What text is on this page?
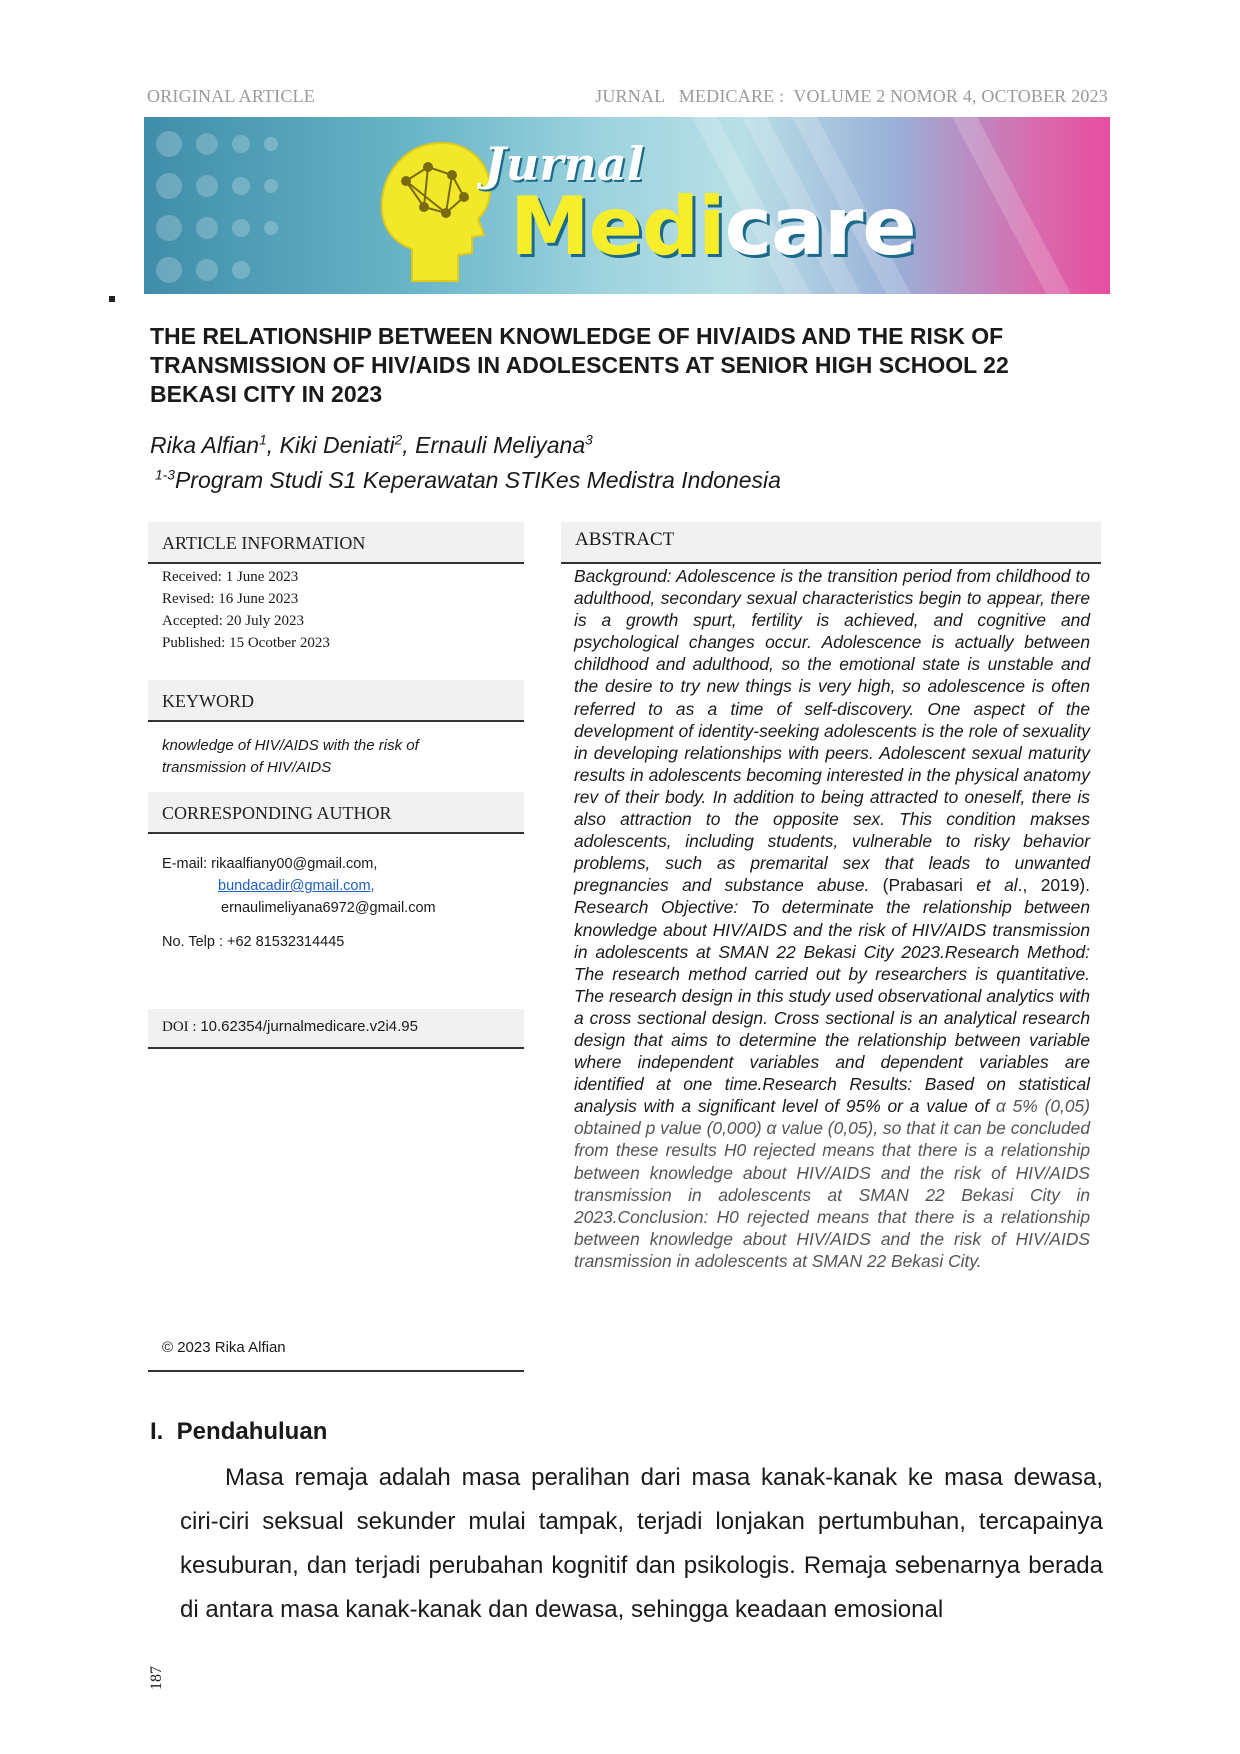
ORIGINAL ARTICLE	JURNAL   MEDICARE :  VOLUME 2 NOMOR 4, OCTOBER 2023
Jurnal
Medicare
THE RELATIONSHIP BETWEEN KNOWLEDGE OF HIV/AIDS AND THE RISK OF TRANSMISSION OF HIV/AIDS IN ADOLESCENTS AT SENIOR HIGH SCHOOL 22 BEKASI CITY IN 2023
Rika Alfian$^1$, Kiki Deniati$^2$, Ernauli Meliyana$^3$
$^{1-3}$Program Studi S1 Keperawatan STIKes Medistra Indonesia
ARTICLE INFORMATION
Received: 1 June 2023
Revised: 16 June 2023
Accepted: 20 July 2023
Published: 15 Ocotber 2023
KEYWORD
knowledge of HIV/AIDS with the risk of transmission of HIV/AIDS
CORRESPONDING AUTHOR
E-mail: rikaalfiany00@gmail.com,
bundacadir@gmail.com,
ernaulimeliyana6972@gmail.com
No. Telp : +62 81532314445
DOI : 10.62354/jurnalmedicare.v2i4.95
© 2023 Rika Alfian
ABSTRACT

Background: Adolescence is the transition period from childhood to adulthood, secondary sexual characteristics begin to appear, there is a growth spurt, fertility is achieved, and cognitive and psychological changes occur. Adolescence is actually between childhood and adulthood, so the emotional state is unstable and the desire to try new things is very high, so adolescence is often referred to as a time of self-discovery. One aspect of the development of identity-seeking adolescents is the role of sexuality in developing relationships with peers. Adolescent sexual maturity results in adolescents becoming interested in the physical anatomy rev of their body. In addition to being attracted to oneself, there is also attraction to the opposite sex. This condition makses adolescents, including students, vulnerable to risky behavior problems, such as premarital sex that leads to unwanted pregnancies and substance abuse. (Prabasari et al., 2019). Research Objective: To determinate the relationship between knowledge about HIV/AIDS and the risk of HIV/AIDS transmission in adolescents at SMAN 22 Bekasi City 2023.Research Method: The research method carried out by researchers is quantitative. The research design in this study used observational analytics with a cross sectional design. Cross sectional is an analytical research design that aims to determine the relationship between variable where independent variables and dependent variables are identified at one time.Research Results: Based on statistical analysis with a significant level of 95% or a value of α 5% (0,05) obtained p value (0,000) α value (0,05), so that it can be concluded from these results H0 rejected means that there is a relationship between knowledge about HIV/AIDS and the risk of HIV/AIDS transmission in adolescents at SMAN 22 Bekasi City in 2023.Conclusion: H0 rejected means that there is a relationship between knowledge about HIV/AIDS and the risk of HIV/AIDS transmission in adolescents at SMAN 22 Bekasi City.

I.  Pendahuluan

Masa remaja adalah masa peralihan dari masa kanak-kanak ke masa dewasa, ciri-ciri seksual sekunder mulai tampak, terjadi lonjakan pertumbuhan, tercapainya kesuburan, dan terjadi perubahan kognitif dan psikologis. Remaja sebenarnya berada di antara masa kanak-kanak dan dewasa, sehingga keadaan emosional

187
